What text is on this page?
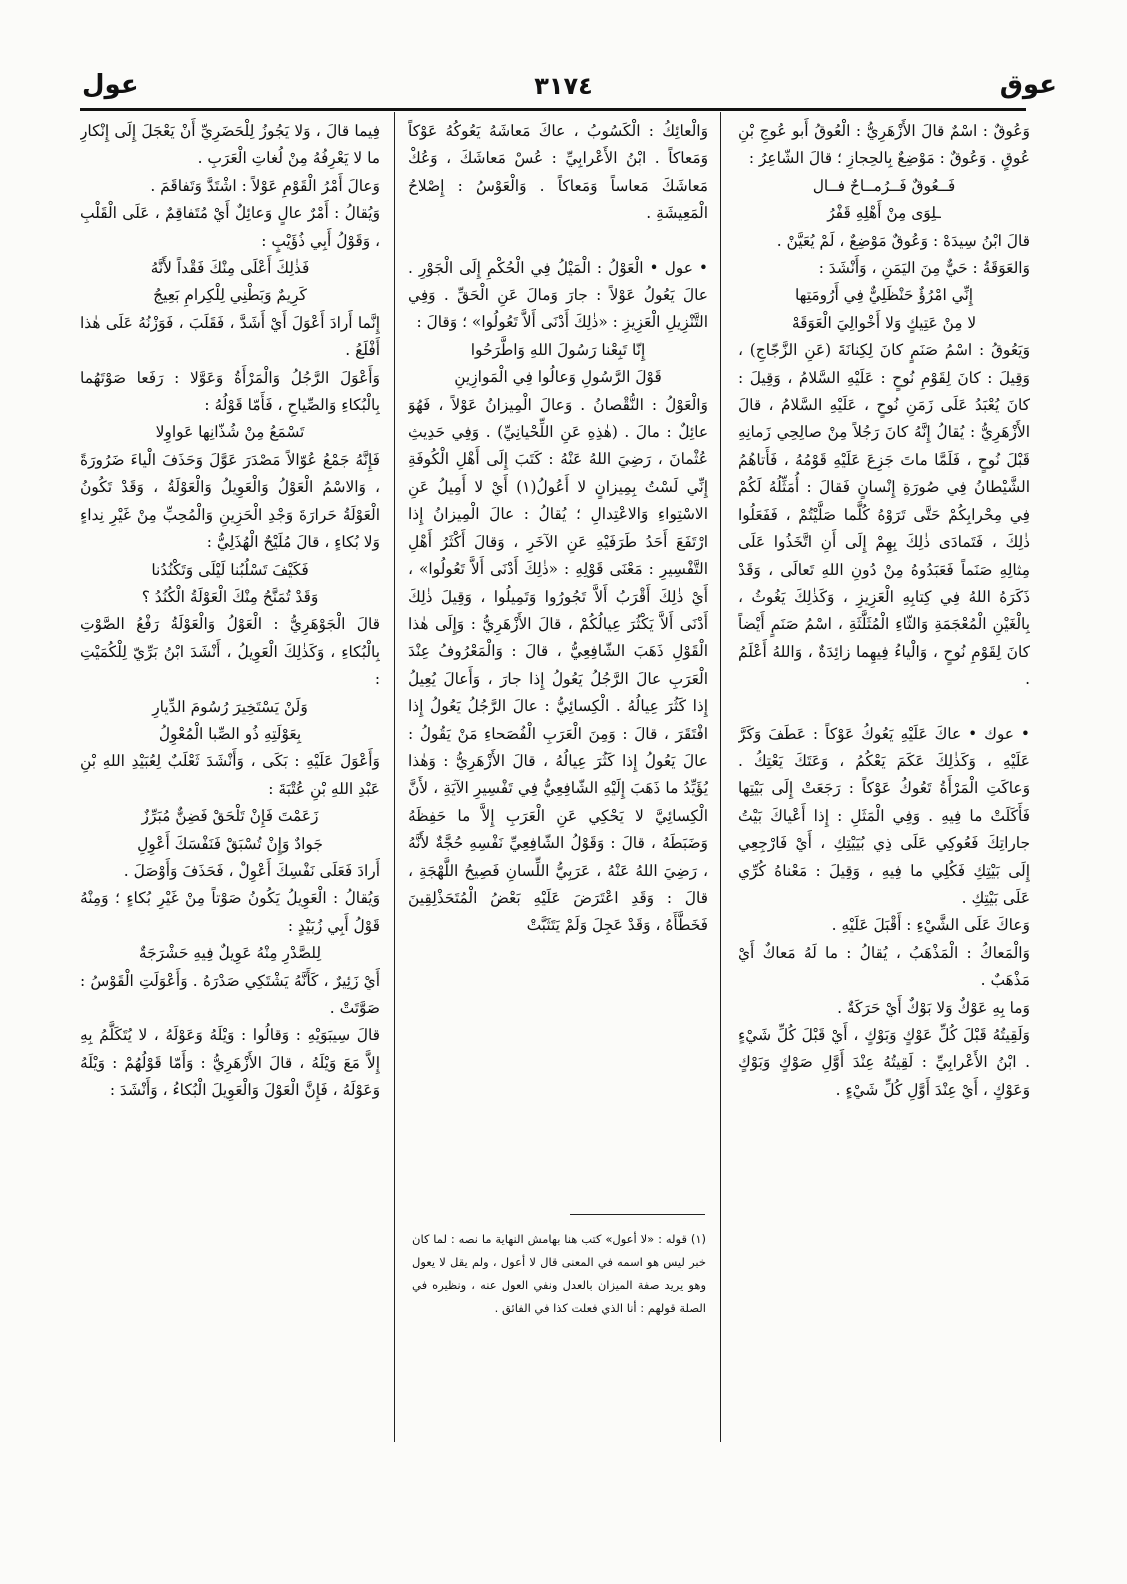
عوق
٣١٧٤
عول

وَعُوقٌ : اسْمٌ قالَ الأَزْهَرِيُّ : الْعُوقُ أَبو عُوجِ بْنِ عُوقٍ . وَعُوقٌ : مَوْضِعٌ بِالحِجازِ ؛ قالَ الشّاعِرُ :

فَــعُوقٌ فَــرُمــاحٌ فــال

ـلِوَى مِنْ أَهْلِهِ قَفْرُ

قالَ ابْنُ سِيدَهْ : وَعُوقٌ مَوْضِعٌ ، لَمْ يُعَيَّنْ .

وَالعَوَقَةُ : حَيٌّ مِنَ اليَمَنِ ، وَأَنْشَدَ :

إِنِّي امْرُؤٌ حَنْظَلِيٌّ فِي أَرُومَتِها

لا مِنْ عَتِيكٍ وَلا أَخْوالِيَ الْعَوَقَهْ

وَيَعُوقُ : اسْمُ صَنَمٍ كانَ لِكِنانَةَ (عَنِ الزَّجّاجِ) ، وَقِيلَ : كانَ لِقَوْمِ نُوحٍ : عَلَيْهِ السَّلامُ ، وَقِيلَ : كانَ يُعْبَدُ عَلَى زَمَنِ نُوحٍ ، عَلَيْهِ السَّلامُ ، قالَ الأَزْهَرِيُّ : يُقالُ إِنَّهُ كانَ رَجُلاً مِنْ صالِحِي زَمانِهِ قَبْلَ نُوحٍ ، فَلَمَّا ماتَ جَزِعَ عَلَيْهِ قَوْمُهُ ، فَأَتاهُمُ الشَّيْطانُ فِي صُورَةِ إِنْسانٍ فَقالَ : أُمَثِّلُهُ لَكُمْ فِي مِحْرابِكُمْ حَتَّى تَرَوْهُ كُلَّما صَلَّيْتُمْ ، فَفَعَلُوا ذٰلِكَ ، فَتَمادَى ذٰلِكَ بِهِمْ إِلَى أَنِ اتَّخَذُوا عَلَى مِثالِهِ صَنَماً فَعَبَدُوهُ مِنْ دُونِ اللهِ تَعالَى ، وَقَدْ ذَكَرَهُ اللهُ فِي كِتابِهِ الْعَزِيزِ ، وَكَذٰلِكَ يَغُوثُ ، بِالْغَيْنِ الْمُعْجَمَةِ وَالثّاءِ الْمُثَلَّثَةِ ، اسْمُ صَنَمٍ أَيْضاً كانَ لِقَوْمِ نُوحٍ ، وَالْياءُ فِيهِما زائِدَةٌ ، وَاللهُ أَعْلَمُ .

• عوك • عاكَ عَلَيْهِ يَعُوكُ عَوْكاً : عَطَفَ وَكَرَّ عَلَيْهِ ، وَكَذٰلِكَ عَكَمَ يَعْكُمُ ، وَعَتَكَ يَعْتِكُ . وَعاكَتِ الْمَرْأَةُ تَعُوكُ عَوْكاً : رَجَعَتْ إِلَى بَيْتِها فَأَكَلَتْ ما فِيهِ . وَفِي الْمَثَلِ : إِذا أَعْياكَ بَيْتُ جاراتِكَ فَعُوكِي عَلَى ذِي بُيَيْتِكِ ، أَيْ فَارْجِعِي إِلَى بَيْتِكِ فَكُلِي ما فِيهِ ، وَقِيلَ : مَعْناهُ كُرِّي عَلَى بَيْتِكِ .

وَعاكَ عَلَى الشَّيْءِ : أَقْبَلَ عَلَيْهِ .

وَالْمَعاكُ : الْمَذْهَبُ ، يُقالُ : ما لَهُ مَعاكٌ أَيْ مَذْهَبٌ .

وَما بِهِ عَوْكٌ وَلا بَوْكٌ أَيْ حَرَكَةٌ .

وَلَقِيتُهُ قَبْلَ كُلِّ عَوْكٍ وَبَوْكٍ ، أَيْ قَبْلَ كُلِّ شَيْءٍ . ابْنُ الأَعْرابِيِّ : لَقِيتُهُ عِنْدَ أَوَّلِ صَوْكٍ وَبَوْكٍ وَعَوْكٍ ، أَيْ عِنْدَ أَوَّلِ كُلِّ شَيْءٍ .

وَالْعائِكُ : الْكَسُوبُ ، عاكَ مَعاشَهُ يَعُوكُهُ عَوْكاً وَمَعاكاً . ابْنُ الأَعْرابِيِّ : عُسْ مَعاشَكَ ، وَعُكْ مَعاشَكَ مَعاساً وَمَعاكاً . وَالْعَوْسُ : إِصْلاحُ الْمَعِيشَةِ .

• عول • الْعَوْلُ : الْمَيْلُ فِي الْحُكْمِ إِلَى الْجَوْرِ . عالَ يَعُولُ عَوْلاً : جارَ وَمالَ عَنِ الْحَقِّ . وَفِي التَّنْزِيلِ الْعَزِيزِ : «ذٰلِكَ أَدْنَى أَلاَّ تَعُولُوا» ؛ وَقالَ :

إِنّا تَبِعْنا رَسُولَ اللهِ وَاطَّرَحُوا

قَوْلَ الرَّسُولِ وَعالُوا فِي الْمَوازِينِ

وَالْعَوْلُ : النُّقْصانُ . وَعالَ الْمِيزانُ عَوْلاً ، فَهُوَ عائِلٌ : مالَ . (هٰذِهِ عَنِ اللِّحْيانِيِّ) . وَفِي حَدِيثِ عُثْمانَ ، رَضِيَ اللهُ عَنْهُ : كَتَبَ إِلَى أَهْلِ الْكُوفَةِ إِنِّي لَسْتُ بِمِيزانٍ لا أَعُولُ(١) أَيْ لا أَمِيلُ عَنِ الاسْتِواءِ وَالاعْتِدالِ ؛ يُقالُ : عالَ الْمِيزانُ إِذا ارْتَفَعَ أَحَدُ طَرَفَيْهِ عَنِ الآخَرِ ، وَقالَ أَكْثَرُ أَهْلِ التَّفْسِيرِ : مَعْنَى قَوْلِهِ : «ذٰلِكَ أَدْنَى أَلاَّ تَعُولُوا» ، أَيْ ذٰلِكَ أَقْرَبُ أَلاَّ تَجُورُوا وَتَمِيلُوا ، وَقِيلَ ذٰلِكَ أَدْنَى أَلاَّ يَكْثُرَ عِيالُكُمْ ، قالَ الأَزْهَرِيُّ : وَإِلَى هٰذا الْقَوْلِ ذَهَبَ الشّافِعِيُّ ، قالَ : وَالْمَعْرُوفُ عِنْدَ الْعَرَبِ عالَ الرَّجُلُ يَعُولُ إِذا جارَ ، وَأَعالَ يُعِيلُ إِذا كَثُرَ عِيالُهُ . الْكِسائِيُّ : عالَ الرَّجُلُ يَعُولُ إِذا افْتَقَرَ ، قالَ : وَمِنَ الْعَرَبِ الْفُصَحاءِ مَنْ يَقُولُ : عالَ يَعُولُ إِذا كَثُرَ عِيالُهُ ، قالَ الأَزْهَرِيُّ : وَهٰذا يُؤَيِّدُ ما ذَهَبَ إِلَيْهِ الشّافِعِيُّ فِي تَفْسِيرِ الآيَةِ ، لأَنَّ الْكِسائِيَّ لا يَحْكِي عَنِ الْعَرَبِ إِلاَّ ما حَفِظَهُ وَضَبَطَهُ ، قالَ : وَقَوْلُ الشّافِعِيِّ نَفْسِهِ حُجَّةٌ لأَنَّهُ ، رَضِيَ اللهُ عَنْهُ ، عَرَبِيُّ اللِّسانِ فَصِيحُ اللَّهْجَةِ ، قالَ : وَقَدِ اعْتَرَضَ عَلَيْهِ بَعْضُ الْمُتَحَذْلِقِينَ فَخَطَّأَهُ ، وَقَدْ عَجِلَ وَلَمْ يَتَثَبَّتْ

(١) قوله : «لا أعول» كتب هنا بهامش النهاية ما نصه : لما كان خبر ليس هو اسمه في المعنى قال لا أعول ، ولم يقل لا يعول وهو يريد صفة الميزان بالعدل ونفي العول عنه ، ونظيره في الصلة قولهم : أنا الذي فعلت كذا في الفائق .

فِيما قالَ ، وَلا يَجُوزُ لِلْحَضَرِيِّ أَنْ يَعْجَلَ إِلَى إِنْكارِ ما لا يَعْرِفُهُ مِنْ لُغاتِ الْعَرَبِ .

وَعالَ أَمْرُ الْقَوْمِ عَوْلاً : اشْتَدَّ وَتَفاقَمَ .

وَيُقالُ : أَمْرٌ عالٍ وَعائِلٌ أَيْ مُتَفاقِمٌ ، عَلَى الْقَلْبِ ، وَقَوْلُ أَبِي ذُؤَيْبٍ :

فَذٰلِكَ أَعْلَى مِنْكَ فَقْداً لأَنَّهُ

كَرِيمٌ وَبَطْنِي لِلْكِرامِ بَعِيجُ

إِنَّما أَرادَ أَعْوَلَ أَيْ أَشَدَّ ، فَقَلَبَ ، فَوَزْنُهُ عَلَى هٰذا أَفْلَعُ .

وَأَعْوَلَ الرَّجُلُ وَالْمَرْأَةُ وَعَوَّلا : رَفَعا صَوْتَهُما بِالْبُكاءِ وَالصِّياحِ ، فَأَمّا قَوْلُهُ :

تَسْمَعُ مِنْ شُذّانِها عَواوِلا

فَإِنَّهُ جَمْعُ عُوّالاً مَصْدَرَ عَوَّلَ وَحَذَفَ الْياءَ ضَرُورَةً ، وَالاسْمُ الْعَوْلُ وَالْعَوِيلُ وَالْعَوْلَةُ ، وَقَدْ تَكُونُ الْعَوْلَةُ حَرارَةَ وَجْدِ الْحَزِينِ وَالْمُحِبِّ مِنْ غَيْرِ نِداءٍ وَلا بُكاءٍ ، قالَ مُلَيْحٌ الْهُذَلِيُّ :

فَكَيْفَ تَسْلُبُنا لَيْلَى وَتَكْنُدُنا

وَقَدْ تُمَنَّحُ مِنْكَ الْعَوْلَةُ الْكُنُدُ ؟

قالَ الْجَوْهَرِيُّ : الْعَوْلُ وَالْعَوْلَةُ رَفْعُ الصَّوْتِ بِالْبُكاءِ ، وَكَذٰلِكَ الْعَوِيلُ ، أَنْشَدَ ابْنُ بَرِّيّ لِلْكُمَيْتِ :

وَلَنْ يَسْتَخِيرَ رُسُومَ الدِّيارِ

بِعَوْلَتِهِ ذُو الصِّبا الْمُعْوِلُ

وَأَعْوَلَ عَلَيْهِ : بَكَى ، وَأَنْشَدَ ثَعْلَبٌ لِعُبَيْدِ اللهِ بْنِ عَبْدِ اللهِ بْنِ عُتْبَةَ :

زَعَمْتَ فَإِنْ تَلْحَقْ فَضِنٌّ مُبَرِّزٌ

جَوادٌ وَإِنْ تُسْبَقْ فَنَفْسَكَ أَعْوِلِ

أَرادَ فَعَلَى نَفْسِكَ أَعْوِلْ ، فَحَذَفَ وَأَوْصَلَ .

وَيُقالُ : الْعَوِيلُ يَكُونُ صَوْتاً مِنْ غَيْرِ بُكاءٍ ؛ وَمِنْهُ قَوْلُ أَبِي زُبَيْدٍ :

لِلصَّدْرِ مِنْهُ عَوِيلٌ فِيهِ حَشْرَجَةٌ

أَيْ زَئِيرٌ ، كَأَنَّهُ يَشْتَكِي صَدْرَهُ . وَأَعْوَلَتِ الْقَوْسُ : صَوَّتَتْ .

قالَ سِيبَوَيْهِ : وَقالُوا : وَيْلَهُ وَعَوْلَهُ ، لا يُتَكَلَّمُ بِهِ إِلاَّ مَعَ وَيْلَهُ ، قالَ الأَزْهَرِيُّ : وَأَمّا قَوْلُهُمْ : وَيْلَهُ وَعَوْلَهُ ، فَإِنَّ الْعَوْلَ وَالْعَوِيلَ الْبُكاءُ ، وَأَنْشَدَ :
